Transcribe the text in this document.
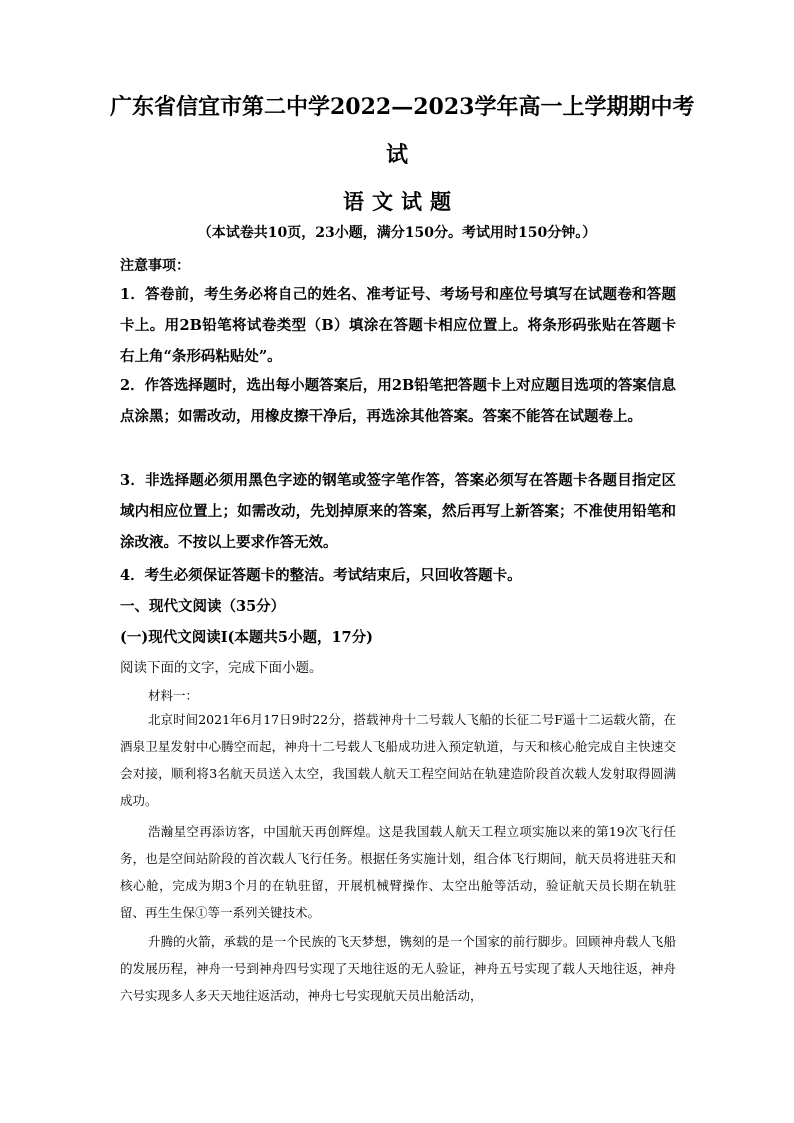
广东省信宜市第二中学2022—2023学年高一上学期期中考
试
语文试题
（本试卷共10页，23小题，满分150分。考试用时150分钟。）
注意事项：
1．答卷前，考生务必将自己的姓名、准考证号、考场号和座位号填写在试题卷和答题卡上。用2B铅笔将试卷类型（B）填涂在答题卡相应位置上。将条形码张贴在答题卡右上角“条形码粘贴处”。
2．作答选择题时，选出每小题答案后，用2B铅笔把答题卡上对应题目选项的答案信息点涂黑；如需改动，用橡皮擦干净后，再选涂其他答案。答案不能答在试题卷上。
3．非选择题必须用黑色字迹的钢笔或签字笔作答，答案必须写在答题卡各题目指定区域内相应位置上；如需改动，先划掉原来的答案，然后再写上新答案；不准使用铅笔和涂改液。不按以上要求作答无效。
4．考生必须保证答题卡的整洁。考试结束后，只回收答题卡。
一、现代文阅读（35分）
(一)现代文阅读Ⅰ(本题共5小题，17分)
阅读下面的文字，完成下面小题。
材料一：
北京时间2021年6月17日9时22分，搭载神舟十二号载人飞船的长征二号F遥十二运载火箭，在酒泉卫星发射中心腾空而起，神舟十二号载人飞船成功进入预定轨道，与天和核心舱完成自主快速交会对接，顺利将3名航天员送入太空，我国载人航天工程空间站在轨建造阶段首次载人发射取得圆满成功。
浩瀚星空再添访客，中国航天再创辉煌。这是我国载人航天工程立项实施以来的第19次飞行任务，也是空间站阶段的首次载人飞行任务。根据任务实施计划，组合体飞行期间，航天员将进驻天和核心舱，完成为期3个月的在轨驻留，开展机械臂操作、太空出舱等活动，验证航天员长期在轨驻留、再生生保①等一系列关键技术。
升腾的火箭，承载的是一个民族的飞天梦想，镌刻的是一个国家的前行脚步。回顾神舟载人飞船的发展历程，神舟一号到神舟四号实现了天地往返的无人验证，神舟五号实现了载人天地往返，神舟六号实现多人多天天地往返活动，神舟七号实现航天员出舱活动，
